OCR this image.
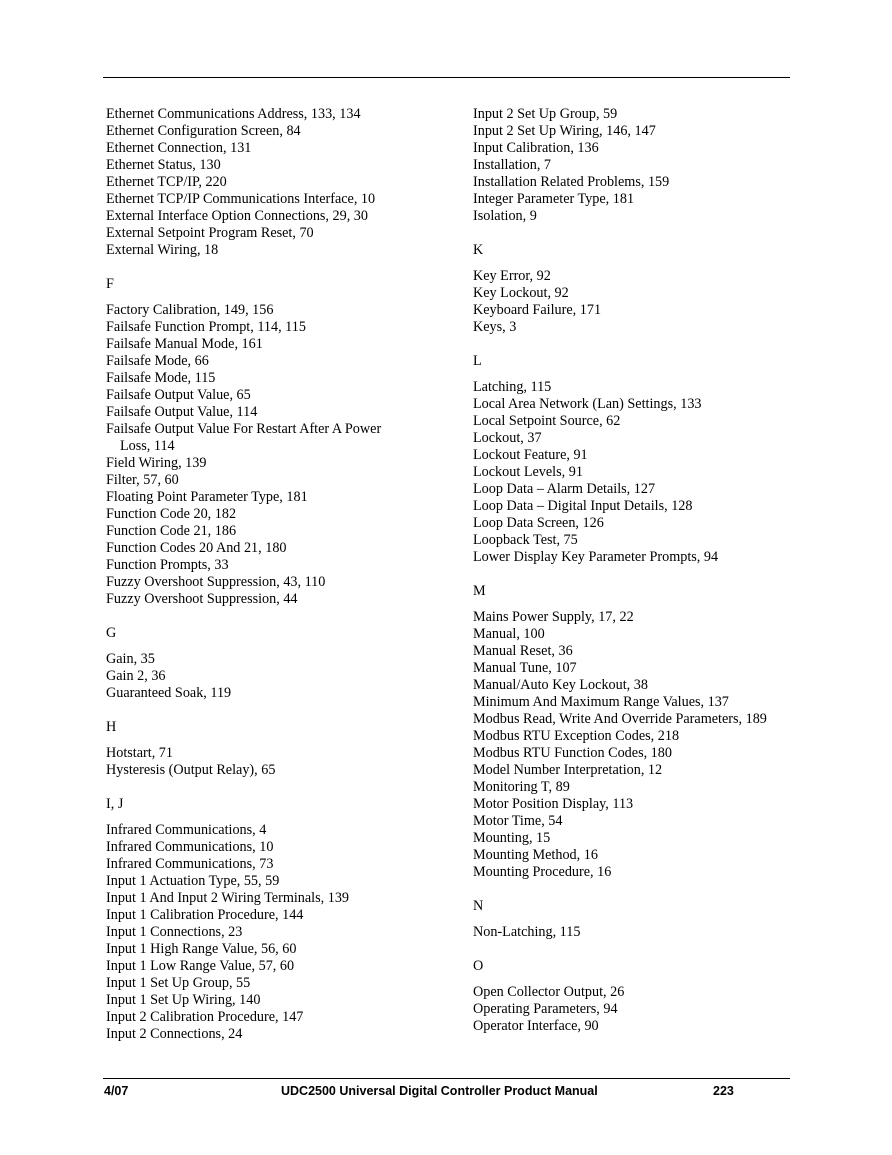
Ethernet Communications Address, 133, 134
Ethernet Configuration Screen, 84
Ethernet Connection, 131
Ethernet Status, 130
Ethernet TCP/IP, 220
Ethernet TCP/IP Communications Interface, 10
External Interface Option Connections, 29, 30
External Setpoint Program Reset, 70
External Wiring, 18
F
Factory Calibration, 149, 156
Failsafe Function Prompt, 114, 115
Failsafe Manual Mode, 161
Failsafe Mode, 66
Failsafe Mode, 115
Failsafe Output Value, 65
Failsafe Output Value, 114
Failsafe Output Value For Restart After A Power
Loss, 114
Field Wiring, 139
Filter, 57, 60
Floating Point Parameter Type, 181
Function Code 20, 182
Function Code 21, 186
Function Codes 20 And 21, 180
Function Prompts, 33
Fuzzy Overshoot Suppression, 43, 110
Fuzzy Overshoot Suppression, 44
G
Gain, 35
Gain 2, 36
Guaranteed Soak, 119
H
Hotstart, 71
Hysteresis (Output Relay), 65
I, J
Infrared Communications, 4
Infrared Communications, 10
Infrared Communications, 73
Input 1 Actuation Type, 55, 59
Input 1 And Input 2 Wiring Terminals, 139
Input 1 Calibration Procedure, 144
Input 1 Connections, 23
Input 1 High Range Value, 56, 60
Input 1 Low Range Value, 57, 60
Input 1 Set Up Group, 55
Input 1 Set Up Wiring, 140
Input 2 Calibration Procedure, 147
Input 2 Connections, 24
Input 2 Set Up Group, 59
Input 2 Set Up Wiring, 146, 147
Input Calibration, 136
Installation, 7
Installation Related Problems, 159
Integer Parameter Type, 181
Isolation, 9
K
Key Error, 92
Key Lockout, 92
Keyboard Failure, 171
Keys, 3
L
Latching, 115
Local Area Network (Lan) Settings, 133
Local Setpoint Source, 62
Lockout, 37
Lockout Feature, 91
Lockout Levels, 91
Loop Data – Alarm Details, 127
Loop Data – Digital Input Details, 128
Loop Data Screen, 126
Loopback Test, 75
Lower Display Key Parameter Prompts, 94
M
Mains Power Supply, 17, 22
Manual, 100
Manual Reset, 36
Manual Tune, 107
Manual/Auto Key Lockout, 38
Minimum And Maximum Range Values, 137
Modbus Read, Write And Override Parameters, 189
Modbus RTU Exception Codes, 218
Modbus RTU Function Codes, 180
Model Number Interpretation, 12
Monitoring T, 89
Motor Position Display, 113
Motor Time, 54
Mounting, 15
Mounting Method, 16
Mounting Procedure, 16
N
Non-Latching, 115
O
Open Collector Output, 26
Operating Parameters, 94
Operator Interface, 90
4/07	UDC2500 Universal Digital Controller Product Manual	223
